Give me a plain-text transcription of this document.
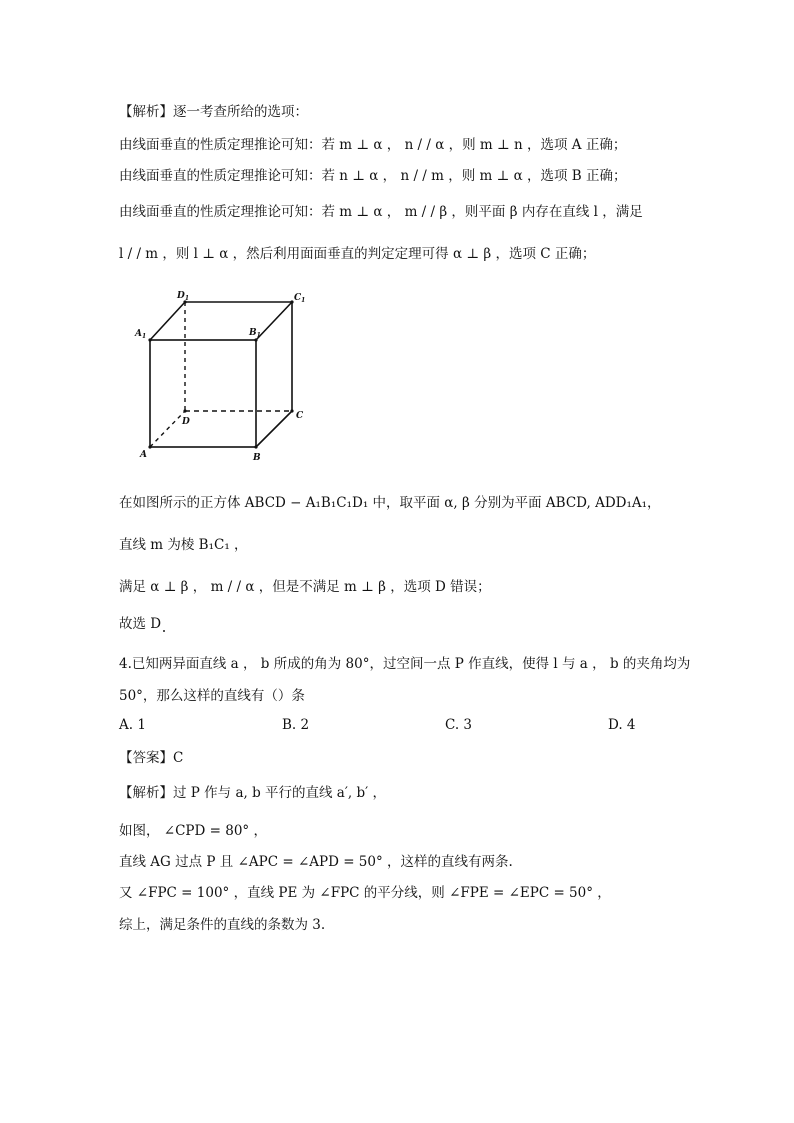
【解析】逐一考查所给的选项：
由线面垂直的性质定理推论可知：若 m ⊥ α ， n / / α ，则 m ⊥ n ，选项 A 正确；
由线面垂直的性质定理推论可知：若 n ⊥ α ， n / / m ，则 m ⊥ α ，选项 B 正确；
由线面垂直的性质定理推论可知：若 m ⊥ α ， m / / β ，则平面 β 内存在直线 l ，满足
l / / m ，则 l ⊥ α ，然后利用面面垂直的判定定理可得 α ⊥ β ，选项 C 正确；
$D_1$	$C_1$
$A_1$	$B_1$
D
C
A	B
在如图所示的正方体 ABCD − A₁B₁C₁D₁ 中，取平面 α, β 分别为平面 ABCD, ADD₁A₁，
直线 m 为棱 B₁C₁ ，
满足 α ⊥ β ， m / / α ，但是不满足 m ⊥ β ，选项 D 错误；
故选 D
4.已知两异面直线 a ， b 所成的角为 80°，过空间一点 P 作直线，使得 l 与 a ， b 的夹角均为
50°，那么这样的直线有（）条
A. 1	B. 2	C. 3	D. 4
【答案】C
【解析】过 P 作与 a, b 平行的直线 a′, b′ ，
如图， ∠CPD = 80° ，
直线 AG 过点 P 且 ∠APC = ∠APD = 50° ，这样的直线有两条.
又 ∠FPC = 100° ，直线 PE 为 ∠FPC 的平分线，则 ∠FPE = ∠EPC = 50° ，
综上，满足条件的直线的条数为 3.
